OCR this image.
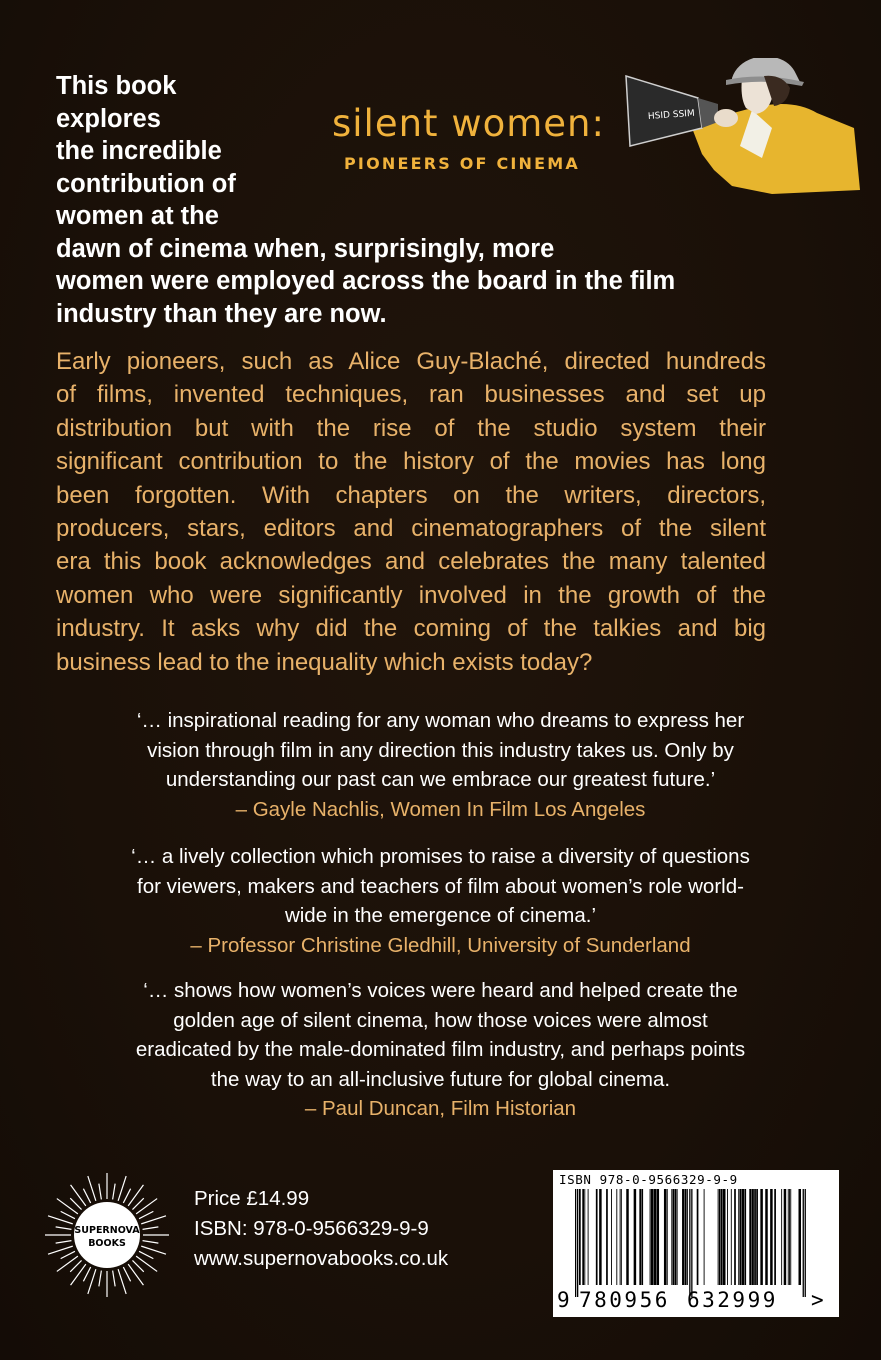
This book
explores
the incredible
contribution of
women at the
dawn of cinema when, surprisingly, more
women were employed across the board in the film
industry than they are now.

silent women:
PIONEERS OF CINEMA
HSID SSIM
Early pioneers, such as Alice Guy-Blaché, directed hundreds
of films, invented techniques, ran businesses and set up
distribution but with the rise of the studio system their
significant contribution to the history of the movies has long
been forgotten. With chapters on the writers, directors,
producers, stars, editors and cinematographers of the silent
era this book acknowledges and celebrates the many talented
women who were significantly involved in the growth of the
industry. It asks why did the coming of the talkies and big
business lead to the inequality which exists today?
‘… inspirational reading for any woman who dreams to express her
vision through film in any direction this industry takes us. Only by
understanding our past can we embrace our greatest future.’
– Gayle Nachlis, Women In Film Los Angeles
‘… a lively collection which promises to raise a diversity of questions
for viewers, makers and teachers of film about women’s role world-
wide in the emergence of cinema.’
– Professor Christine Gledhill, University of Sunderland
‘… shows how women’s voices were heard and helped create the
golden age of silent cinema, how those voices were almost
eradicated by the male-dominated film industry, and perhaps points
the way to an all-inclusive future for global cinema.
– Paul Duncan, Film Historian
SUPERNOVA
BOOKS
Price £14.99
ISBN: 978-0-9566329-9-9
www.supernovabooks.co.uk
ISBN 978-0-9566329-9-9
9 780956 632999 >
